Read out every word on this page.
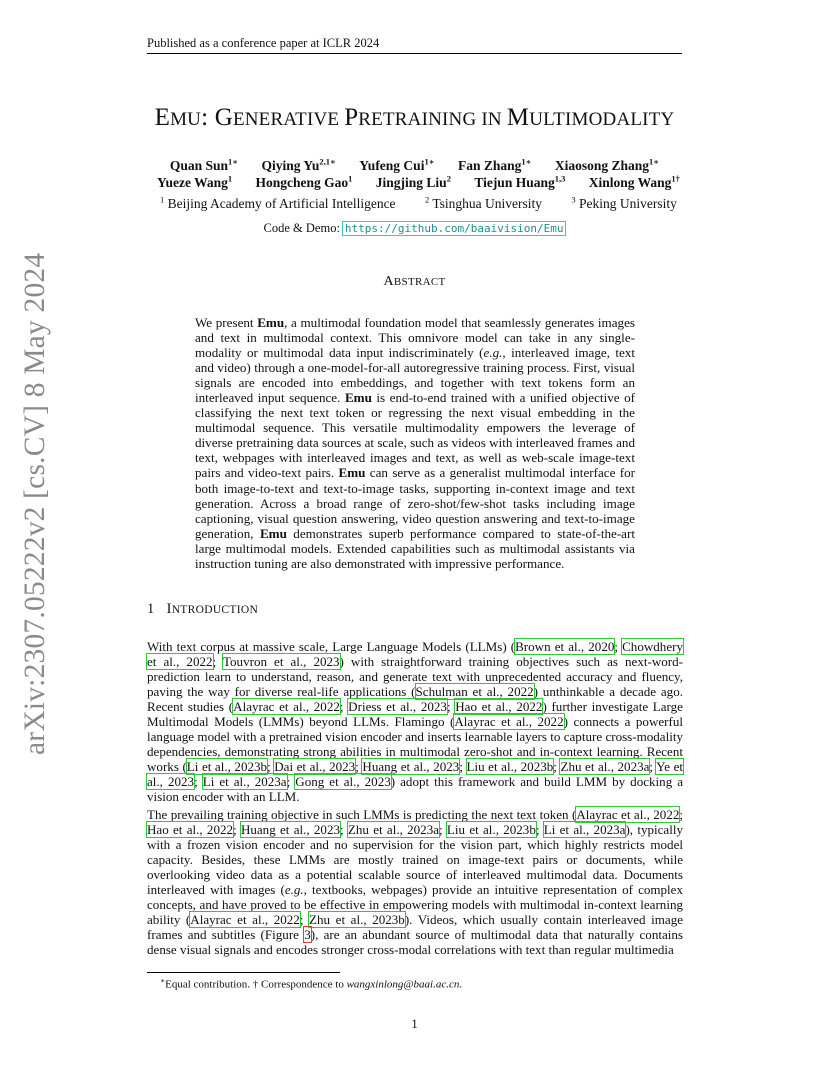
Published as a conference paper at ICLR 2024
arXiv:2307.05222v2 [cs.CV] 8 May 2024
EMU: GENERATIVE PRETRAINING IN MULTIMODALITY
Quan Sun$^{1∗}$ Qiying $Yu^{2,1∗}$ Yufeng Cui$^{1∗}$ Fan Zhang$^{1∗}$ Xiaosong Zhang$^{1∗}$
Yueze Wang$^1$ Hongcheng Gao$^1$ Jingjing Liu$^2$ Tiejun Huang$^{1,3}$ Xinlong Wang$^{1\dagger}$
$^1$ Beijing Academy of Artificial Intelligence	$^2$ Tsinghua University	$^3$ Peking University
Code & Demo: https://github.com/baaivision/Emu
ABSTRACT
We present Emu, a multimodal foundation model that seamlessly generates images and text in multimodal context. This omnivore model can take in any single-modality or multimodal data input indiscriminately (e.g., interleaved image, text and video) through a one-model-for-all autoregressive training process. First, visual signals are encoded into embeddings, and together with text tokens form an interleaved input sequence. Emu is end-to-end trained with a unified objective of classifying the next text token or regressing the next visual embedding in the multimodal sequence. This versatile multimodality empowers the leverage of diverse pretraining data sources at scale, such as videos with interleaved frames and text, webpages with interleaved images and text, as well as web-scale image-text pairs and video-text pairs. Emu can serve as a generalist multimodal interface for both image-to-text and text-to-image tasks, supporting in-context image and text generation. Across a broad range of zero-shot/few-shot tasks including image captioning, visual question answering, video question answering and text-to-image generation, Emu demonstrates superb performance compared to state-of-the-art large multimodal models. Extended capabilities such as multimodal assistants via instruction tuning are also demonstrated with impressive performance.
1 INTRODUCTION
With text corpus at massive scale, Large Language Models (LLMs) (Brown et al., 2020; Chowdhery et al., 2022; Touvron et al., 2023) with straightforward training objectives such as next-word-prediction learn to understand, reason, and generate text with unprecedented accuracy and fluency, paving the way for diverse real-life applications (Schulman et al., 2022) unthinkable a decade ago. Recent studies (Alayrac et al., 2022; Driess et al., 2023; Hao et al., 2022) further investigate Large Multimodal Models (LMMs) beyond LLMs. Flamingo (Alayrac et al., 2022) connects a powerful language model with a pretrained vision encoder and inserts learnable layers to capture cross-modality dependencies, demonstrating strong abilities in multimodal zero-shot and in-context learning. Recent works (Li et al., 2023b; Dai et al., 2023; Huang et al., 2023; Liu et al., 2023b; Zhu et al., 2023a; Ye et al., 2023; Li et al., 2023a; Gong et al., 2023) adopt this framework and build LMM by docking a vision encoder with an LLM.
The prevailing training objective in such LMMs is predicting the next text token (Alayrac et al., 2022; Hao et al., 2022; Huang et al., 2023; Zhu et al., 2023a; Liu et al., 2023b; Li et al., 2023a), typically with a frozen vision encoder and no supervision for the vision part, which highly restricts model capacity. Besides, these LMMs are mostly trained on image-text pairs or documents, while overlooking video data as a potential scalable source of interleaved multimodal data. Documents interleaved with images (e.g., textbooks, webpages) provide an intuitive representation of complex concepts, and have proved to be effective in empowering models with multimodal in-context learning ability (Alayrac et al., 2022; Zhu et al., 2023b). Videos, which usually contain interleaved image frames and subtitles (Figure 3), are an abundant source of multimodal data that naturally contains dense visual signals and encodes stronger cross-modal correlations with text than regular multimedia
∗Equal contribution. † Correspondence to wangxinlong@baai.ac.cn.
1
